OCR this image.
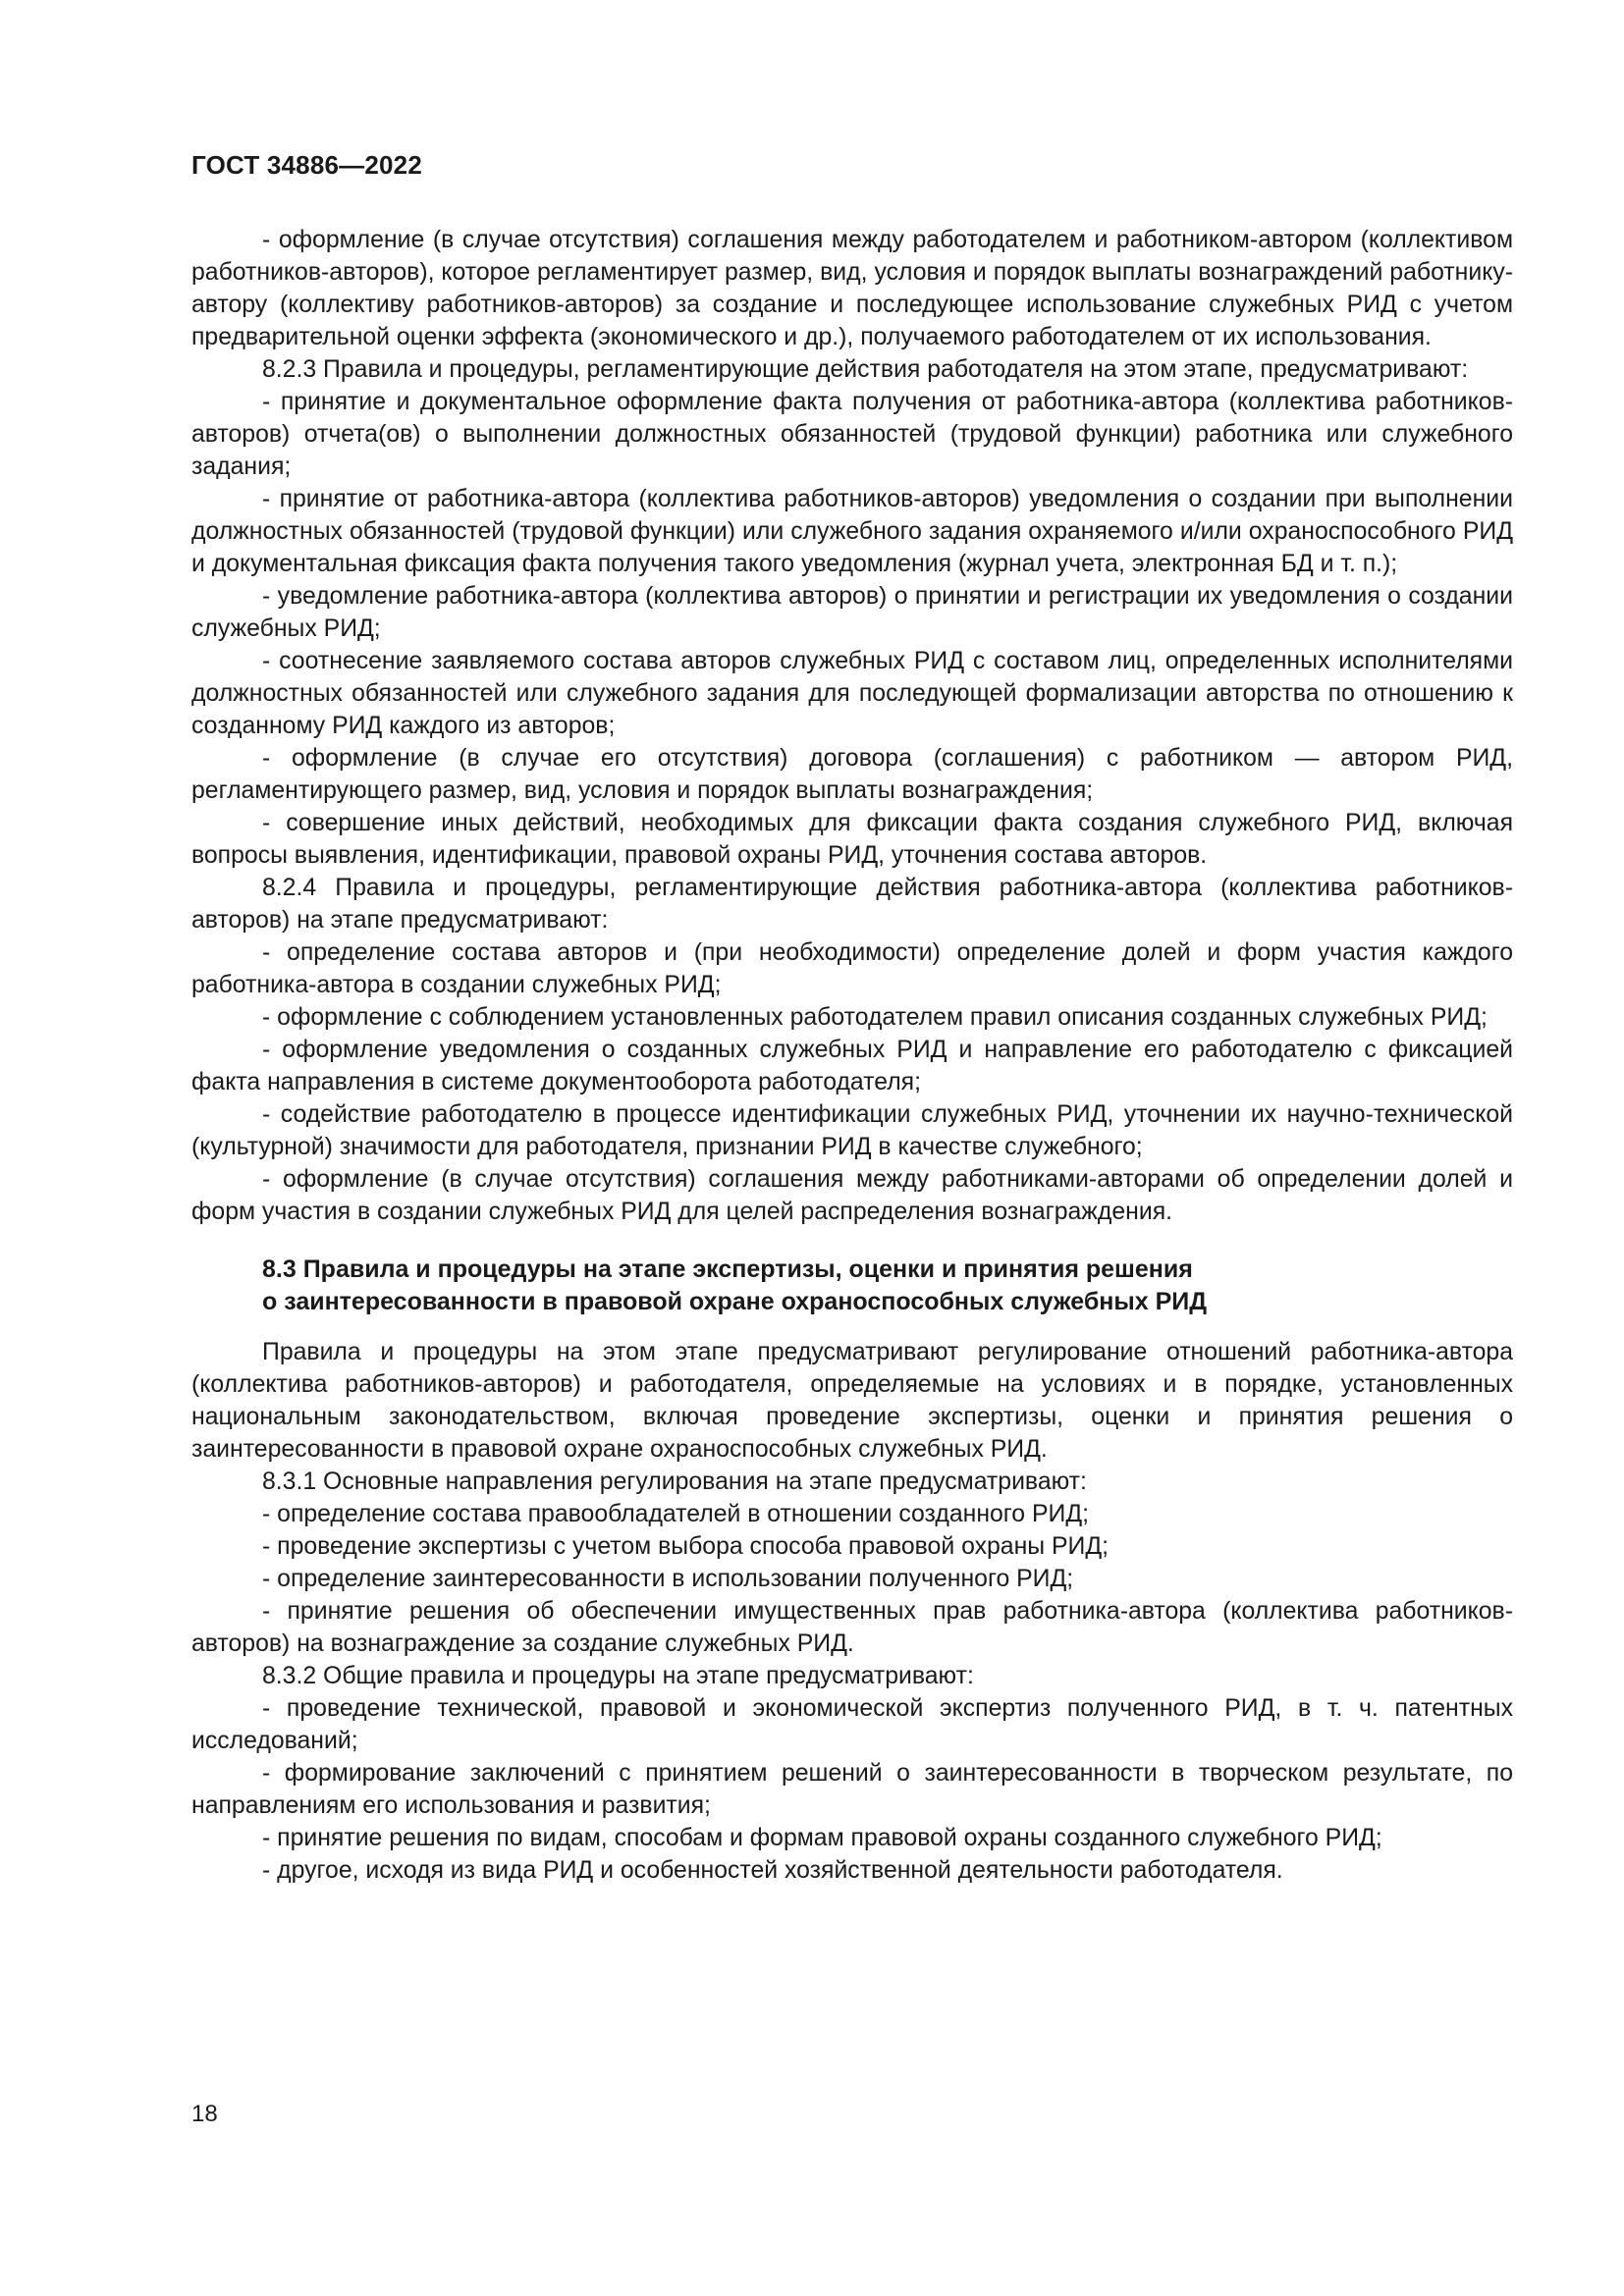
ГОСТ 34886—2022

- оформление (в случае отсутствия) соглашения между работодателем и работником-автором (коллективом работников-авторов), которое регламентирует размер, вид, условия и порядок выплаты вознаграждений работнику-автору (коллективу работников-авторов) за создание и последующее использование служебных РИД с учетом предварительной оценки эффекта (экономического и др.), получаемого работодателем от их использования.

8.2.3 Правила и процедуры, регламентирующие действия работодателя на этом этапе, предусматривают:

- принятие и документальное оформление факта получения от работника-автора (коллектива работников-авторов) отчета(ов) о выполнении должностных обязанностей (трудовой функции) работника или служебного задания;

- принятие от работника-автора (коллектива работников-авторов) уведомления о создании при выполнении должностных обязанностей (трудовой функции) или служебного задания охраняемого и/или охраноспособного РИД и документальная фиксация факта получения такого уведомления (журнал учета, электронная БД и т. п.);

- уведомление работника-автора (коллектива авторов) о принятии и регистрации их уведомления о создании служебных РИД;

- соотнесение заявляемого состава авторов служебных РИД с составом лиц, определенных исполнителями должностных обязанностей или служебного задания для последующей формализации авторства по отношению к созданному РИД каждого из авторов;

- оформление (в случае его отсутствия) договора (соглашения) с работником — автором РИД, регламентирующего размер, вид, условия и порядок выплаты вознаграждения;

- совершение иных действий, необходимых для фиксации факта создания служебного РИД, включая вопросы выявления, идентификации, правовой охраны РИД, уточнения состава авторов.

8.2.4 Правила и процедуры, регламентирующие действия работника-автора (коллектива работников-авторов) на этапе предусматривают:

- определение состава авторов и (при необходимости) определение долей и форм участия каждого работника-автора в создании служебных РИД;

- оформление с соблюдением установленных работодателем правил описания созданных служебных РИД;

- оформление уведомления о созданных служебных РИД и направление его работодателю с фиксацией факта направления в системе документооборота работодателя;

- содействие работодателю в процессе идентификации служебных РИД, уточнении их научно-технической (культурной) значимости для работодателя, признании РИД в качестве служебного;

- оформление (в случае отсутствия) соглашения между работниками-авторами об определении долей и форм участия в создании служебных РИД для целей распределения вознаграждения.

8.3 Правила и процедуры на этапе экспертизы, оценки и принятия решения
о заинтересованности в правовой охране охраноспособных служебных РИД

Правила и процедуры на этом этапе предусматривают регулирование отношений работника-автора (коллектива работников-авторов) и работодателя, определяемые на условиях и в порядке, установленных национальным законодательством, включая проведение экспертизы, оценки и принятия решения о заинтересованности в правовой охране охраноспособных служебных РИД.

8.3.1 Основные направления регулирования на этапе предусматривают:

- определение состава правообладателей в отношении созданного РИД;

- проведение экспертизы с учетом выбора способа правовой охраны РИД;

- определение заинтересованности в использовании полученного РИД;

- принятие решения об обеспечении имущественных прав работника-автора (коллектива работников-авторов) на вознаграждение за создание служебных РИД.

8.3.2 Общие правила и процедуры на этапе предусматривают:

- проведение технической, правовой и экономической экспертиз полученного РИД, в т. ч. патентных исследований;

- формирование заключений с принятием решений о заинтересованности в творческом результате, по направлениям его использования и развития;

- принятие решения по видам, способам и формам правовой охраны созданного служебного РИД;

- другое, исходя из вида РИД и особенностей хозяйственной деятельности работодателя.

18
